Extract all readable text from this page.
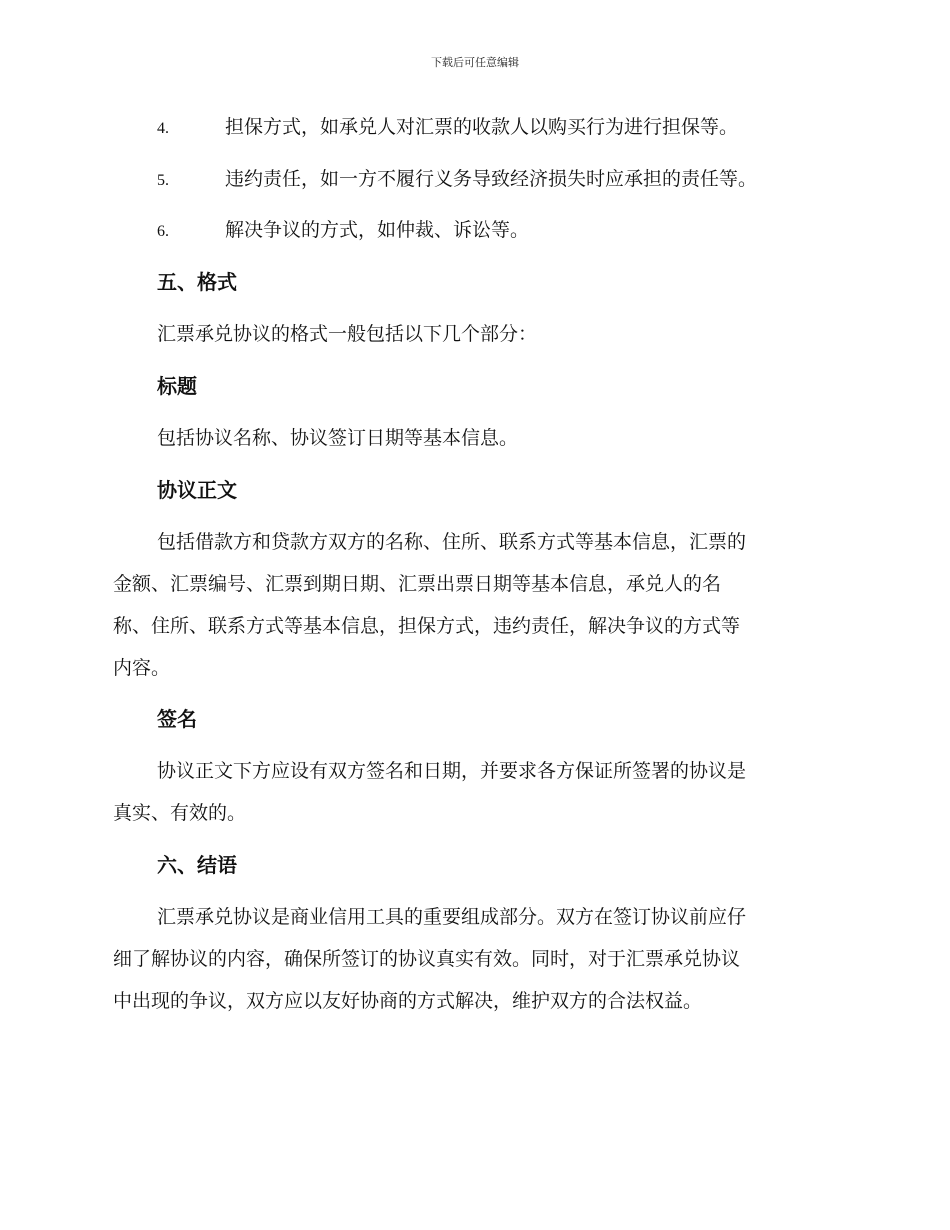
下载后可任意编辑
4.	担保方式，如承兑人对汇票的收款人以购买行为进行担保等。
5.	违约责任，如一方不履行义务导致经济损失时应承担的责任等。
6.	解决争议的方式，如仲裁、诉讼等。
五、格式
汇票承兑协议的格式一般包括以下几个部分：
标题
包括协议名称、协议签订日期等基本信息。
协议正文
包括借款方和贷款方双方的名称、住所、联系方式等基本信息，汇票的
金额、汇票编号、汇票到期日期、汇票出票日期等基本信息，承兑人的名
称、住所、联系方式等基本信息，担保方式，违约责任，解决争议的方式等
内容。
签名
协议正文下方应设有双方签名和日期，并要求各方保证所签署的协议是
真实、有效的。
六、结语
汇票承兑协议是商业信用工具的重要组成部分。双方在签订协议前应仔
细了解协议的内容，确保所签订的协议真实有效。同时，对于汇票承兑协议
中出现的争议，双方应以友好协商的方式解决，维护双方的合法权益。
